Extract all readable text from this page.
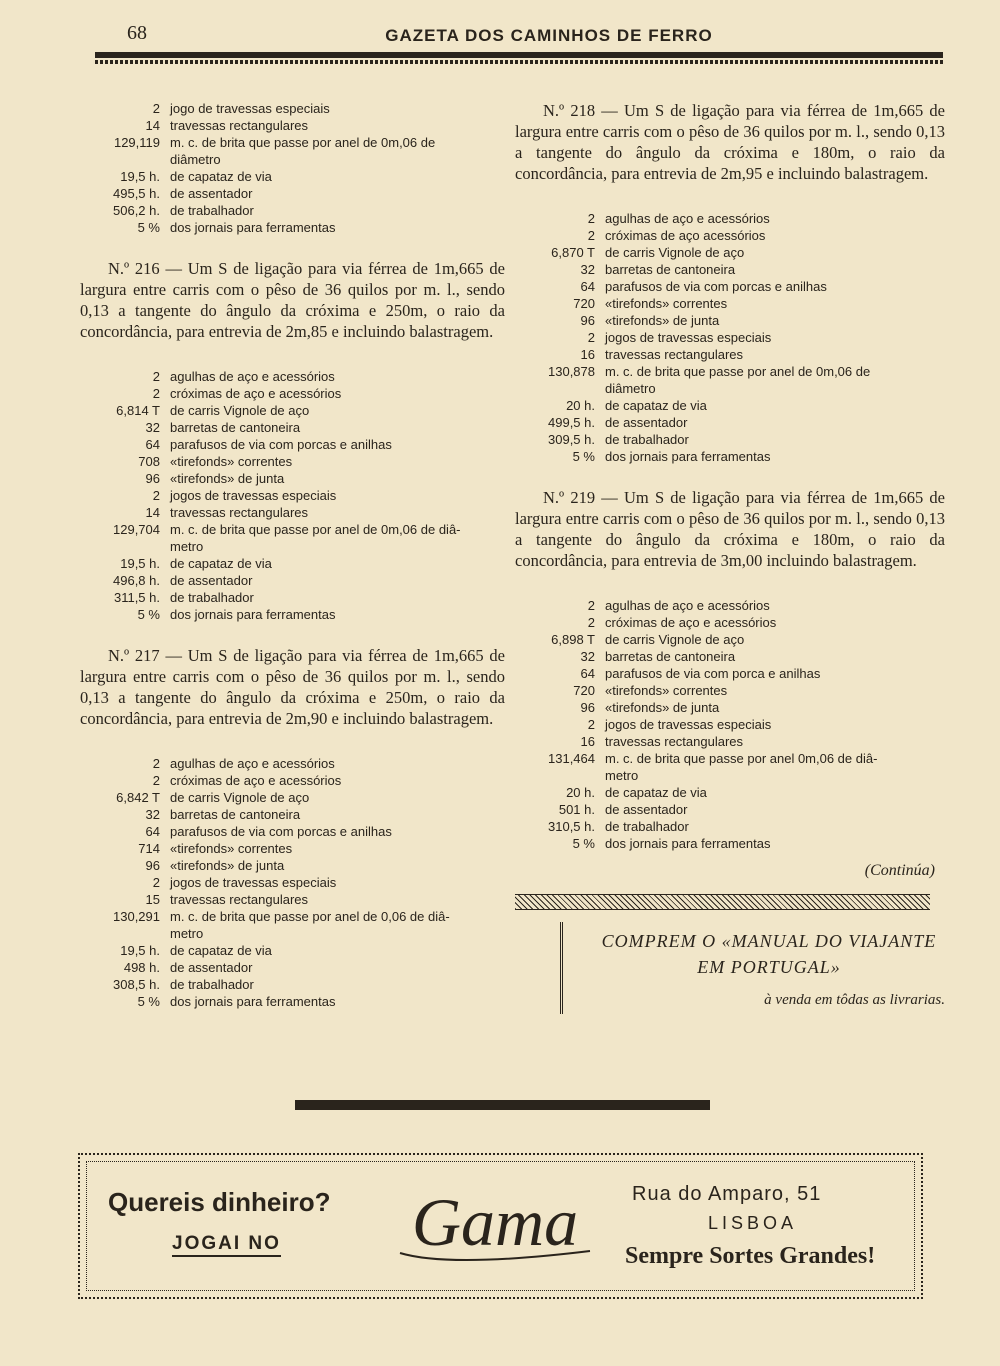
68	GAZETA DOS CAMINHOS DE FERRO
2 jogo de travessas especiais
14 travessas rectangulares
129,119 m. c. de brita que passe por anel de 0m,06 de
diâmetro
19,5 h. de capataz de via
495,5 h. de assentador
506,2 h. de trabalhador
5 % dos jornais para ferramentas

N.º 216 — Um S de ligação para via férrea de 1m,665 de largura entre carris com o pêso de 36 quilos por m. l., sendo 0,13 a tangente do ângulo da cróxima e 250m, o raio da concordância, para entrevia de 2m,85 e incluindo balastragem.

2 agulhas de aço e acessórios
2 cróximas de aço e acessórios
6,814 T de carris Vignole de aço
32 barretas de cantoneira
64 parafusos de via com porcas e anilhas
708 «tirefonds» correntes
96 «tirefonds» de junta
2 jogos de travessas especiais
14 travessas rectangulares
129,704 m. c. de brita que passe por anel de 0m,06 de diâ-
metro
19,5 h. de capataz de via
496,8 h. de assentador
311,5 h. de trabalhador
5 % dos jornais para ferramentas

N.º 217 — Um S de ligação para via férrea de 1m,665 de largura entre carris com o pêso de 36 quilos por m. l., sendo 0,13 a tangente do ângulo da cróxima e 250m, o raio da concordância, para entrevia de 2m,90 e incluindo balastragem.

2 agulhas de aço e acessórios
2 cróximas de aço e acessórios
6,842 T de carris Vignole de aço
32 barretas de cantoneira
64 parafusos de via com porcas e anilhas
714 «tirefonds» correntes
96 «tirefonds» de junta
2 jogos de travessas especiais
15 travessas rectangulares
130,291 m. c. de brita que passe por anel de 0,06 de diâ-
metro
19,5 h. de capataz de via
498 h. de assentador
308,5 h. de trabalhador
5 % dos jornais para ferramentas

N.º 218 — Um S de ligação para via férrea de 1m,665 de largura entre carris com o pêso de 36 quilos por m. l., sendo 0,13 a tangente do ângulo da cróxima e 180m, o raio da concordância, para entrevia de 2m,95 e incluindo balastragem.

2 agulhas de aço e acessórios
2 cróximas de aço acessórios
6,870 T de carris Vignole de aço
32 barretas de cantoneira
64 parafusos de via com porcas e anilhas
720 «tirefonds» correntes
96 «tirefonds» de junta
2 jogos de travessas especiais
16 travessas rectangulares
130,878 m. c. de brita que passe por anel de 0m,06 de
diâmetro
20 h. de capataz de via
499,5 h. de assentador
309,5 h. de trabalhador
5 % dos jornais para ferramentas

N.º 219 — Um S de ligação para via férrea de 1m,665 de largura entre carris com o pêso de 36 quilos por m. l., sendo 0,13 a tangente do ângulo da cróxima e 180m, o raio da concordância, para entrevia de 3m,00 incluindo balastragem.

2 agulhas de aço e acessórios
2 cróximas de aço e acessórios
6,898 T de carris Vignole de aço
32 barretas de cantoneira
64 parafusos de via com porca e anilhas
720 «tirefonds» correntes
96 «tirefonds» de junta
2 jogos de travessas especiais
16 travessas rectangulares
131,464 m. c. de brita que passe por anel 0m,06 de diâ-
metro
20 h. de capataz de via
501 h. de assentador
310,5 h. de trabalhador
5 % dos jornais para ferramentas
(Continúa)
COMPREM O «MANUAL DO VIAJANTE EM PORTUGAL»
à venda em tôdas as livrarias.
Quereis dinheiro?
JOGAI NO Gama	Rua do Amparo, 51
LISBOA
Sempre Sortes Grandes!
